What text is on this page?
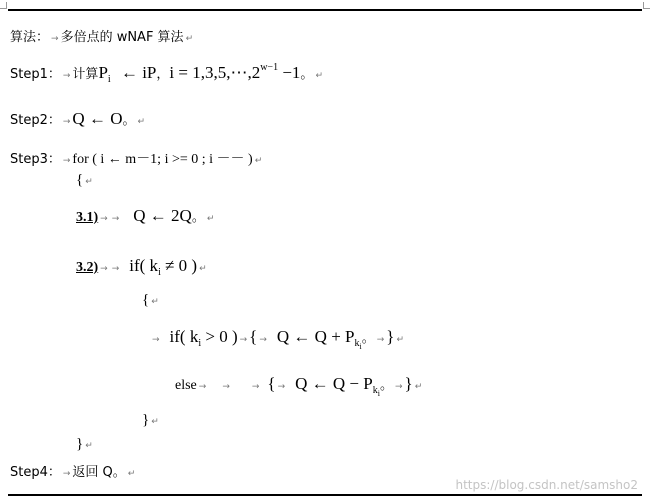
算法： → 多倍点的 wNAF 算法 ↵
Step1： → 计算 $P_i$ ← iP ， $i = 1,3,5,\cdots,2^{w-1} -1$ 。 ↵
Step2： → Q ← O 。 ↵
Step3： → for ( i ← m－1; i >= 0 ; i －－ ) ↵
{ ↵
3.1) → → Q ← 2Q 。 ↵
3.2) → → if( $k_i \ne 0$ ) ↵
{ ↵
→ if( $k_i > 0$ ) → { → Q ← $Q + P_{ki}$
。 → } ↵
else → → → { → Q ← $Q - P_{ki}$
。 → } ↵
} ↵
} ↵
Step4： → 返回 Q。 ↵
https://blog.csdn.net/samsho2
